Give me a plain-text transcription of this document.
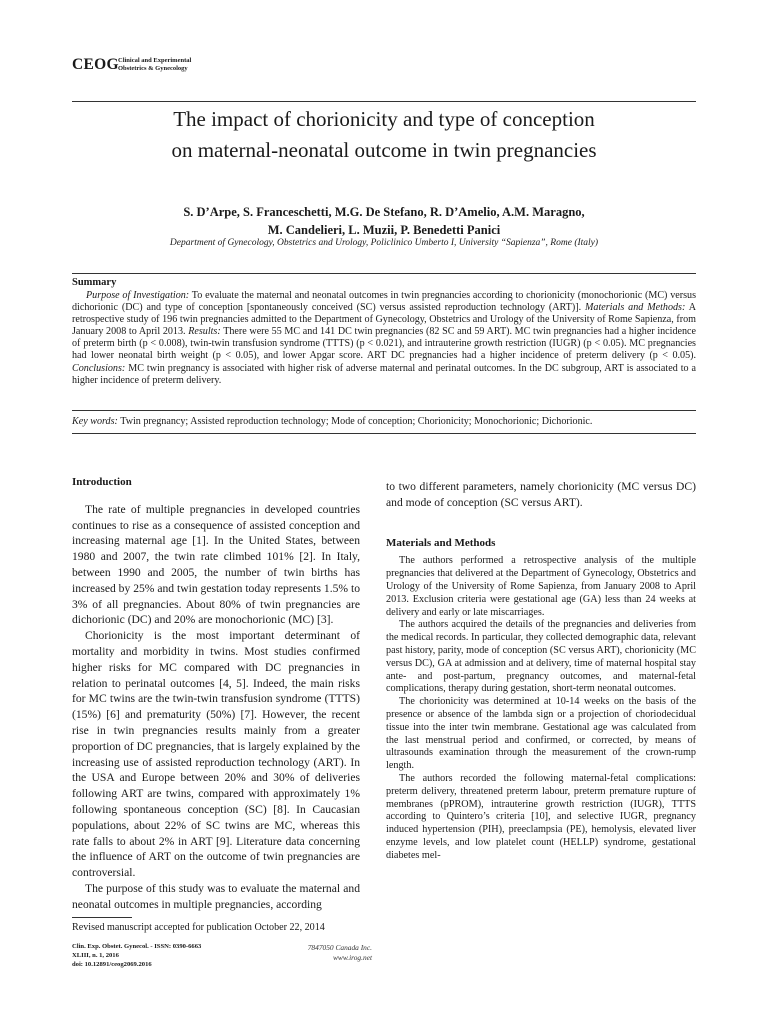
CEOG Clinical and Experimental
Obstetrics & Gynecology
The impact of chorionicity and type of conception
on maternal-neonatal outcome in twin pregnancies
S. D’Arpe, S. Franceschetti, M.G. De Stefano, R. D’Amelio, A.M. Maragno,
M. Candelieri, L. Muzii, P. Benedetti Panici
Department of Gynecology, Obstetrics and Urology, Policlinico Umberto I, University “Sapienza”, Rome (Italy)
Summary
Purpose of Investigation: To evaluate the maternal and neonatal outcomes in twin pregnancies according to chorionicity (monochorionic (MC) versus dichorionic (DC) and type of conception [spontaneously conceived (SC) versus assisted reproduction technology (ART)]. Materials and Methods: A retrospective study of 196 twin pregnancies admitted to the Department of Gynecology, Obstetrics and Urology of the University of Rome Sapienza, from January 2008 to April 2013. Results: There were 55 MC and 141 DC twin pregnancies (82 SC and 59 ART). MC twin pregnancies had a higher incidence of preterm birth (p < 0.008), twin-twin transfusion syndrome (TTTS) (p < 0.021), and intrauterine growth restriction (IUGR) (p < 0.05). MC pregnancies had lower neonatal birth weight (p < 0.05), and lower Apgar score. ART DC pregnancies had a higher incidence of preterm delivery (p < 0.05). Conclusions: MC twin pregnancy is associated with higher risk of adverse maternal and perinatal outcomes. In the DC subgroup, ART is associated to a higher incidence of preterm delivery.
Key words: Twin pregnancy; Assisted reproduction technology; Mode of conception; Chorionicity; Monochorionic; Dichorionic.
Introduction

The rate of multiple pregnancies in developed countries continues to rise as a consequence of assisted conception and increasing maternal age [1]. In the United States, between 1980 and 2007, the twin rate climbed 101% [2]. In Italy, between 1990 and 2005, the number of twin births has increased by 25% and twin gestation today represents 1.5% to 3% of all pregnancies. About 80% of twin pregnancies are dichorionic (DC) and 20% are monochorionic (MC) [3].

Chorionicity is the most important determinant of mortality and morbidity in twins. Most studies confirmed higher risks for MC compared with DC pregnancies in relation to perinatal outcomes [4, 5]. Indeed, the main risks for MC twins are the twin-twin transfusion syndrome (TTTS) (15%) [6] and prematurity (50%) [7]. However, the recent rise in twin pregnancies results mainly from a greater proportion of DC pregnancies, that is largely explained by the increasing use of assisted reproduction technology (ART). In the USA and Europe between 20% and 30% of deliveries following ART are twins, compared with approximately 1% following spontaneous conception (SC) [8]. In Caucasian populations, about 22% of SC twins are MC, whereas this rate falls to about 2% in ART [9]. Literature data concerning the influence of ART on the outcome of twin pregnancies are controversial.

The purpose of this study was to evaluate the maternal and neonatal outcomes in multiple pregnancies, according

to two different parameters, namely chorionicity (MC versus DC) and mode of conception (SC versus ART).
Materials and Methods

The authors performed a retrospective analysis of the multiple pregnancies that delivered at the Department of Gynecology, Obstetrics and Urology of the University of Rome Sapienza, from January 2008 to April 2013. Exclusion criteria were gestational age (GA) less than 24 weeks at delivery and early or late miscarriages.

The authors acquired the details of the pregnancies and deliveries from the medical records. In particular, they collected demographic data, relevant past history, parity, mode of conception (SC versus ART), chorionicity (MC versus DC), GA at admission and at delivery, time of maternal hospital stay ante- and post-partum, pregnancy outcomes, and maternal-fetal complications, therapy during gestation, short-term neonatal outcomes.

The chorionicity was determined at 10-14 weeks on the basis of the presence or absence of the lambda sign or a projection of choriodecidual tissue into the inter twin membrane. Gestational age was calculated from the last menstrual period and confirmed, or corrected, by means of ultrasounds examination through the measurement of the crown-rump length.

The authors recorded the following maternal-fetal complications: preterm delivery, threatened preterm labour, preterm premature rupture of membranes (pPROM), intrauterine growth restriction (IUGR), TTTS according to Quintero’s criteria [10], and selective IUGR, pregnancy induced hypertension (PIH), preeclampsia (PE), hemolysis, elevated liver enzyme levels, and low platelet count (HELLP) syndrome, gestational diabetes mel-

Revised manuscript accepted for publication October 22, 2014
Clin. Exp. Obstet. Gynecol. - ISSN: 0390-6663
XLIII, n. 1, 2016
doi: 10.12891/ceog2069.2016
7847050 Canada Inc.
www.irog.net
